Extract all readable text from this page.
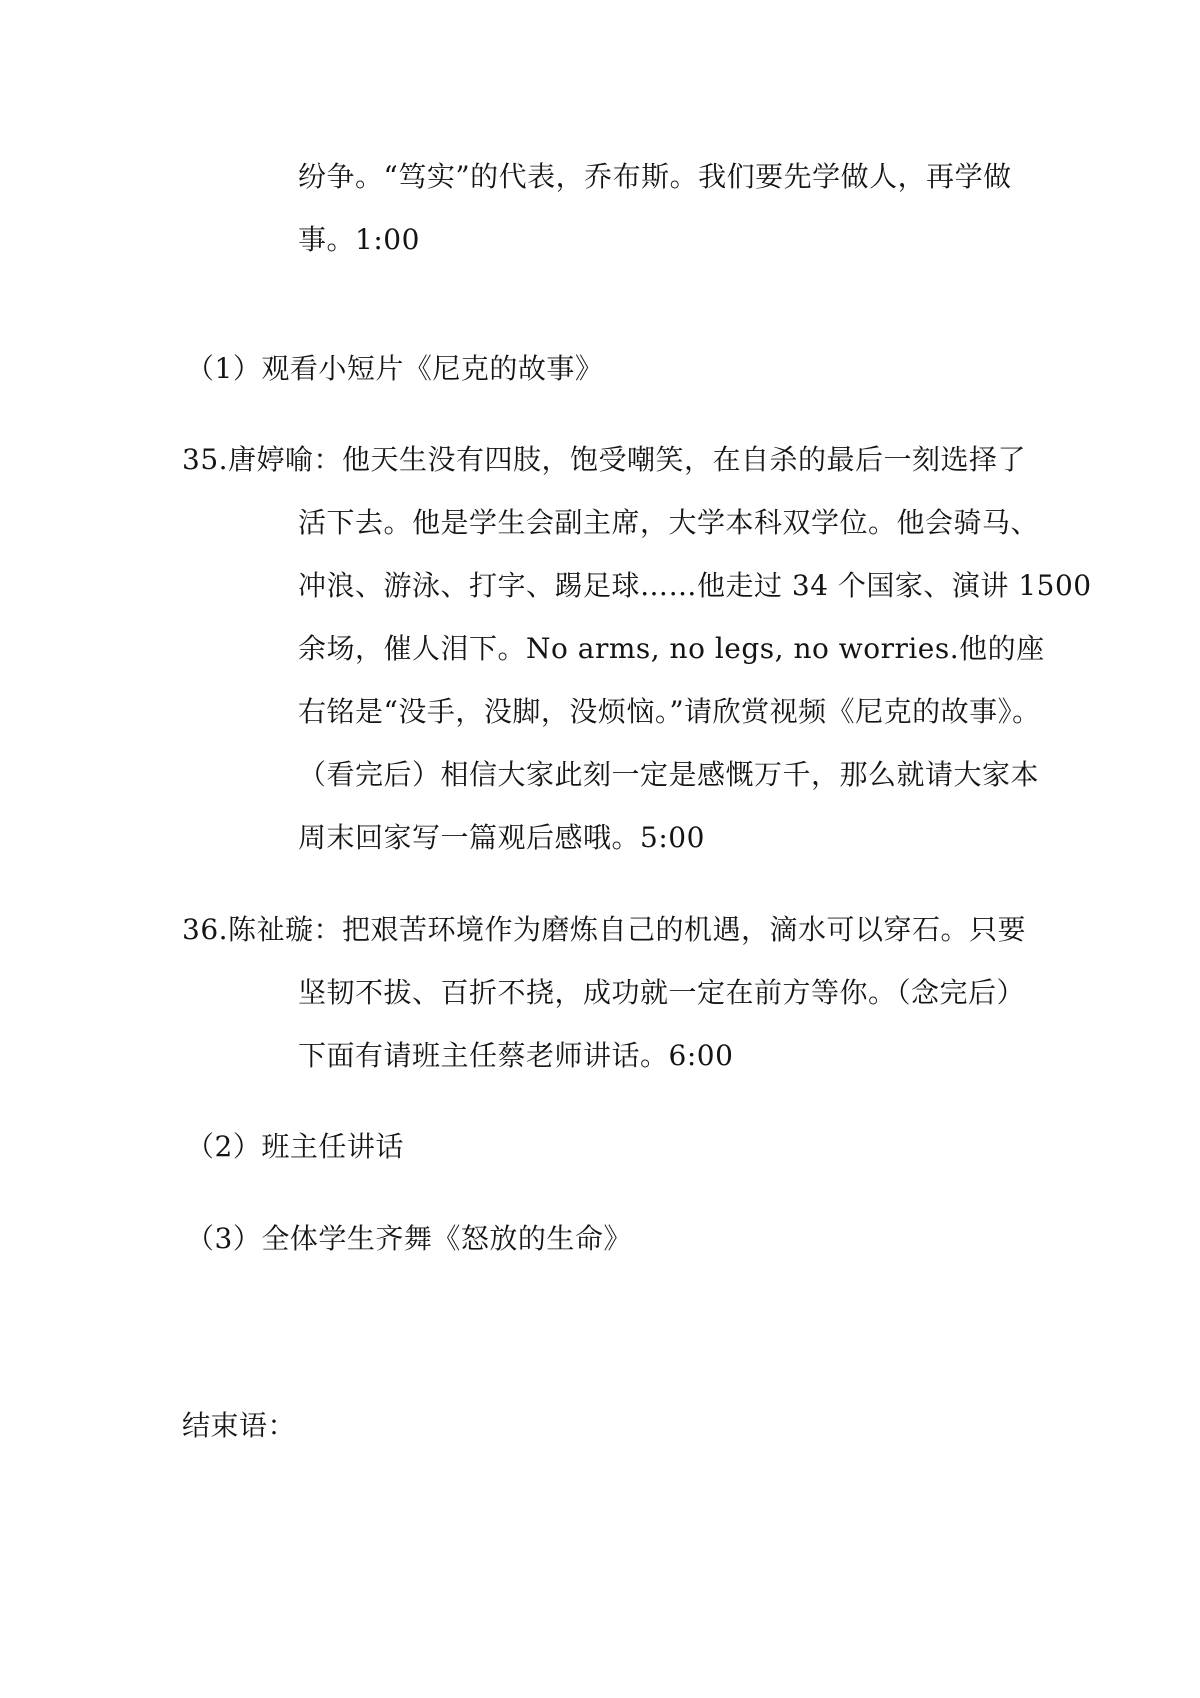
纷争。“笃实”的代表，乔布斯。我们要先学做人，再学做
事。1:00
（1）观看小短片《尼克的故事》
35.唐婷喻：他天生没有四肢，饱受嘲笑，在自杀的最后一刻选择了
活下去。他是学生会副主席，大学本科双学位。他会骑马、
冲浪、游泳、打字、踢足球……他走过 34 个国家、演讲 1500
余场，催人泪下。No arms, no legs, no worries.他的座
右铭是“没手，没脚，没烦恼。”请欣赏视频《尼克的故事》。
（看完后）相信大家此刻一定是感慨万千，那么就请大家本
周末回家写一篇观后感哦。5:00
36.陈祉璇：把艰苦环境作为磨炼自己的机遇，滴水可以穿石。只要
坚韧不拔、百折不挠，成功就一定在前方等你。（念完后）
下面有请班主任蔡老师讲话。6:00
（2）班主任讲话
（3）全体学生齐舞《怒放的生命》
结束语：
